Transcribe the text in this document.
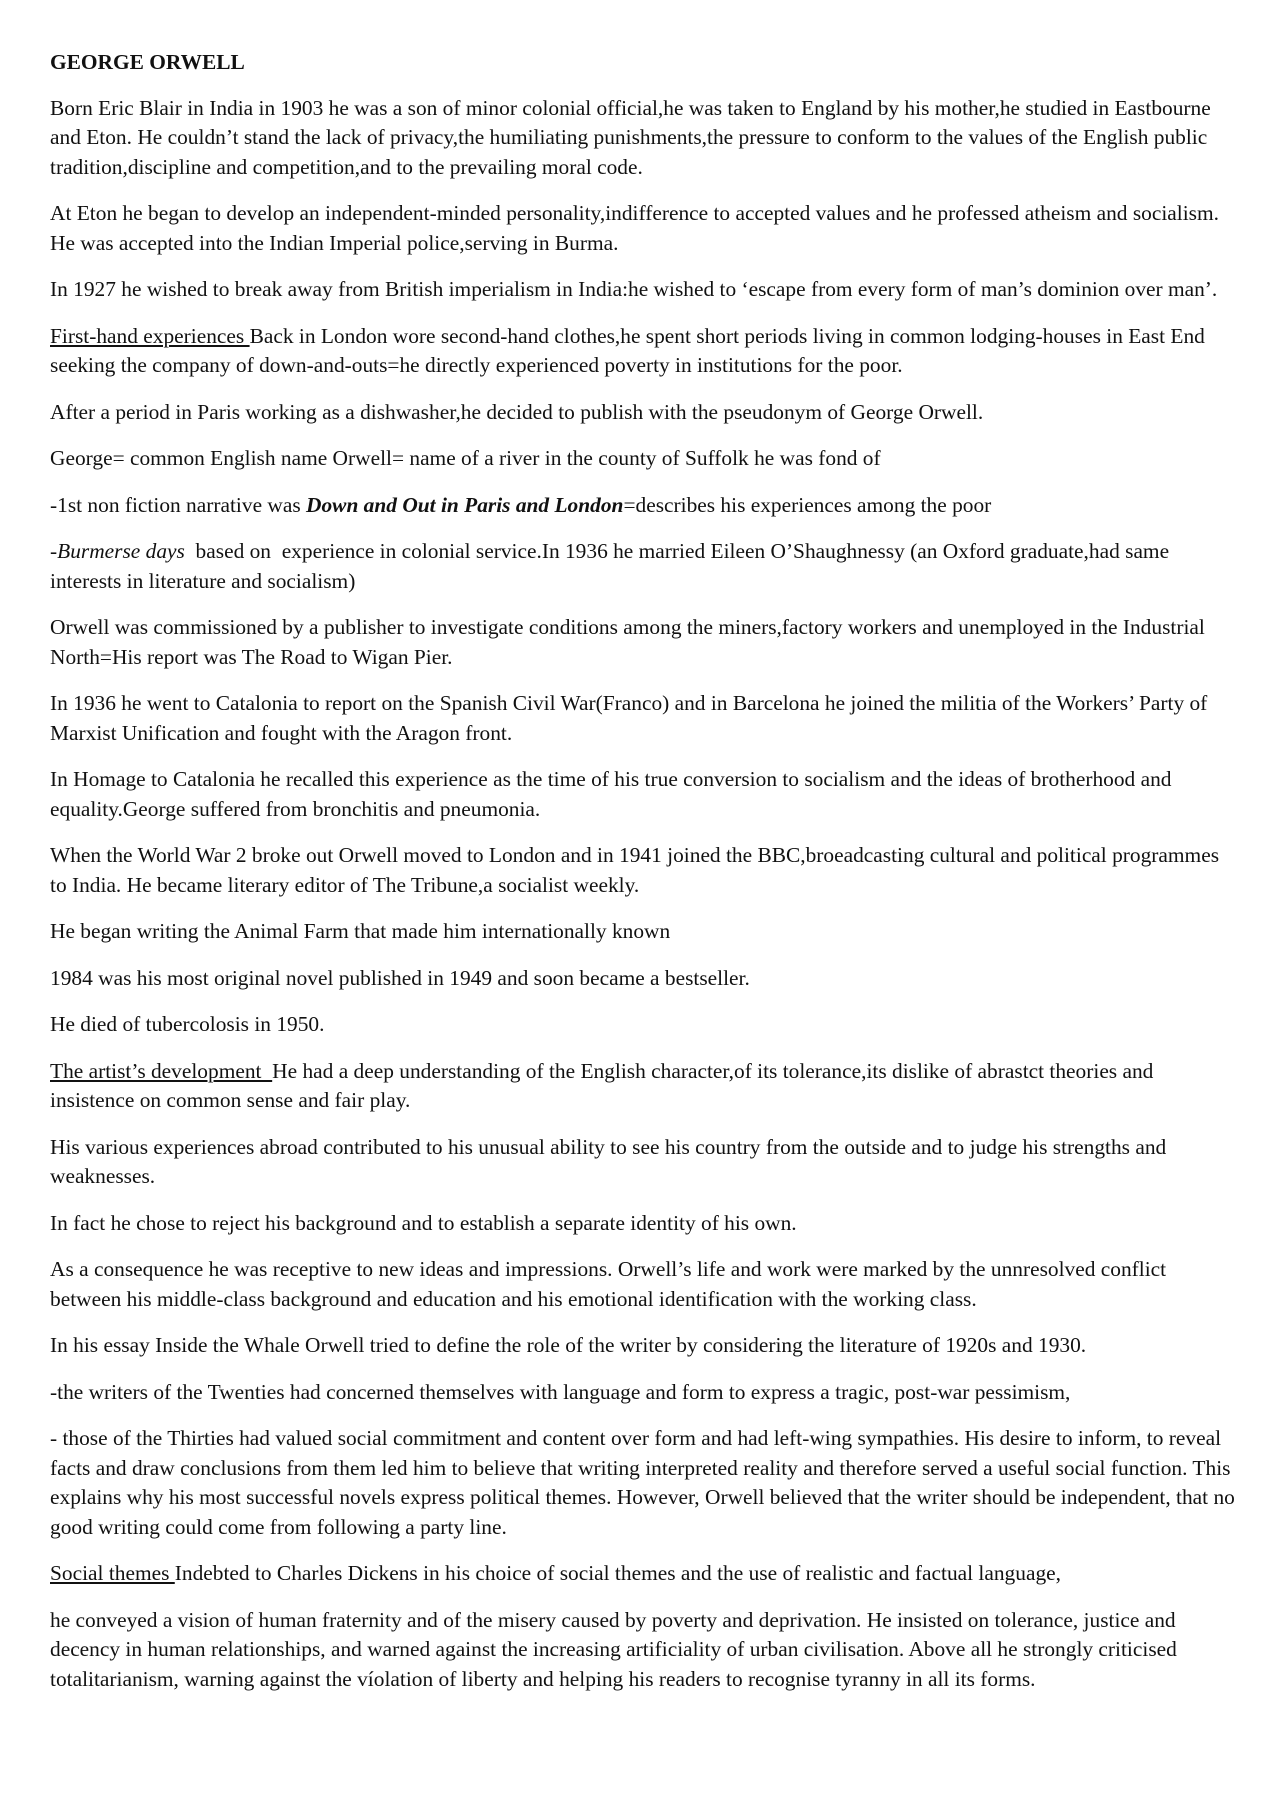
GEORGE ORWELL

Born Eric Blair in India in 1903 he was a son of minor colonial official,he was taken to England by his mother,he studied in Eastbourne and Eton. He couldn’t stand the lack of privacy,the humiliating punishments,the pressure to conform to the values of the English public tradition,discipline and competition,and to the prevailing moral code.

At Eton he began to develop an independent-minded personality,indifference to accepted values and he professed atheism and socialism. He was accepted into the Indian Imperial police,serving in Burma.

In 1927 he wished to break away from British imperialism in India:he wished to ‘escape from every form of man’s dominion over man’.

First-hand experiences Back in London wore second-hand clothes,he spent short periods living in common lodging-houses in East End seeking the company of down-and-outs=he directly experienced poverty in institutions for the poor.

After a period in Paris working as a dishwasher,he decided to publish with the pseudonym of George Orwell.

George= common English name Orwell= name of a river in the county of Suffolk he was fond of

-1st non fiction narrative was Down and Out in Paris and London=describes his experiences among the poor

-Burmerse days  based on  experience in colonial service.In 1936 he married Eileen O’Shaughnessy (an Oxford graduate,had same interests in literature and socialism)

Orwell was commissioned by a publisher to investigate conditions among the miners,factory workers and unemployed in the Industrial North=His report was The Road to Wigan Pier.

In 1936 he went to Catalonia to report on the Spanish Civil War(Franco) and in Barcelona he joined the militia of the Workers’ Party of Marxist Unification and fought with the Aragon front.

In Homage to Catalonia he recalled this experience as the time of his true conversion to socialism and the ideas of brotherhood and equality.George suffered from bronchitis and pneumonia.

When the World War 2 broke out Orwell moved to London and in 1941 joined the BBC,broeadcasting cultural and political programmes to India. He became literary editor of The Tribune,a socialist weekly.

He began writing the Animal Farm that made him internationally known

1984 was his most original novel published in 1949 and soon became a bestseller.

He died of tubercolosis in 1950.

The artist’s development  He had a deep understanding of the English character,of its tolerance,its dislike of abrastct theories and insistence on common sense and fair play.

His various experiences abroad contributed to his unusual ability to see his country from the outside and to judge his strengths and weaknesses.

In fact he chose to reject his background and to establish a separate identity of his own.

As a consequence he was receptive to new ideas and impressions. Orwell’s life and work were marked by the unnresolved conflict between his middle-class background and education and his emotional identification with the working class.

In his essay Inside the Whale Orwell tried to define the role of the writer by considering the literature of 1920s and 1930.

-the writers of the Twenties had concerned themselves with language and form to express a tragic, post-war pessimism,

- those of the Thirties had valued social commitment and content over form and had left-wing sympathies. His desire to inform, to reveal facts and draw conclusions from them led him to believe that writing interpreted reality and therefore served a useful social function. This explains why his most successful novels express political themes. However, Orwell believed that the writer should be independent, that no good writing could come from following a party line.

Social themes Indebted to Charles Dickens in his choice of social themes and the use of realistic and factual language,

he conveyed a vision of human fraternity and of the misery caused by poverty and deprivation. He insisted on tolerance, justice and decency in human relationships, and warned against the increasing artificiality of urban civilisation. Above all he strongly criticised totalitarianism, warning against the víolation of liberty and helping his readers to recognise tyranny in all its forms.
